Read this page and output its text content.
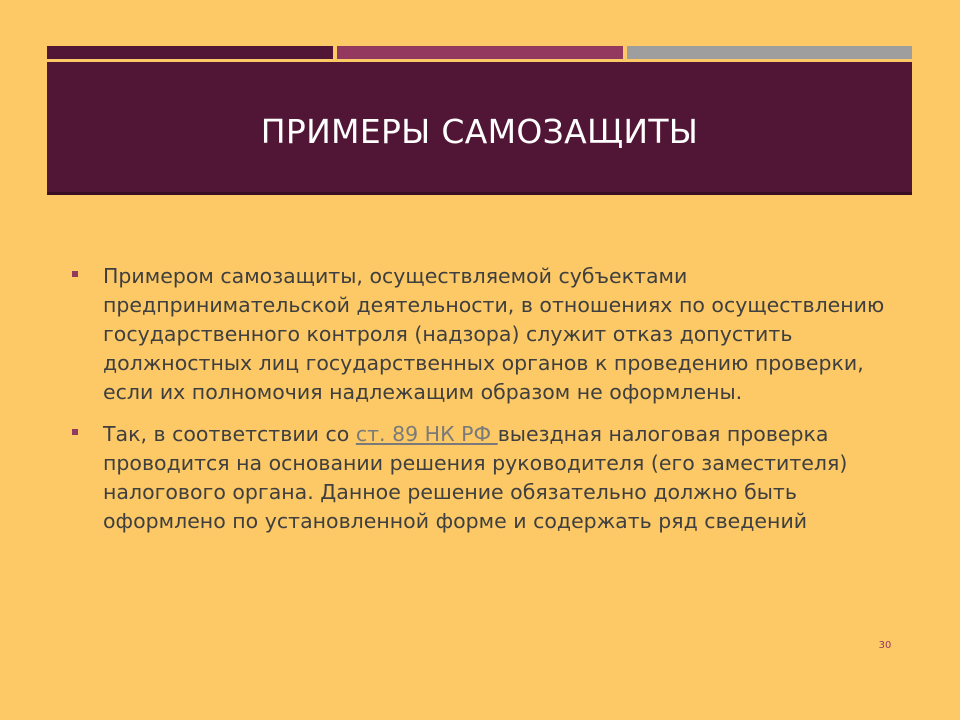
ПРИМЕРЫ САМОЗАЩИТЫ

Примером самозащиты, осуществляемой субъектами предпринимательской деятельности, в отношениях по осуществлению государственного контроля (надзора) служит отказ допустить должностных лиц государственных органов к проведению проверки, если их полномочия надлежащим образом не оформлены.

Так, в соответствии со ст. 89 НК РФ выездная налоговая проверка проводится на основании решения руководителя (его заместителя) налогового органа. Данное решение обязательно должно быть оформлено по установленной форме и содержать ряд сведений

30
